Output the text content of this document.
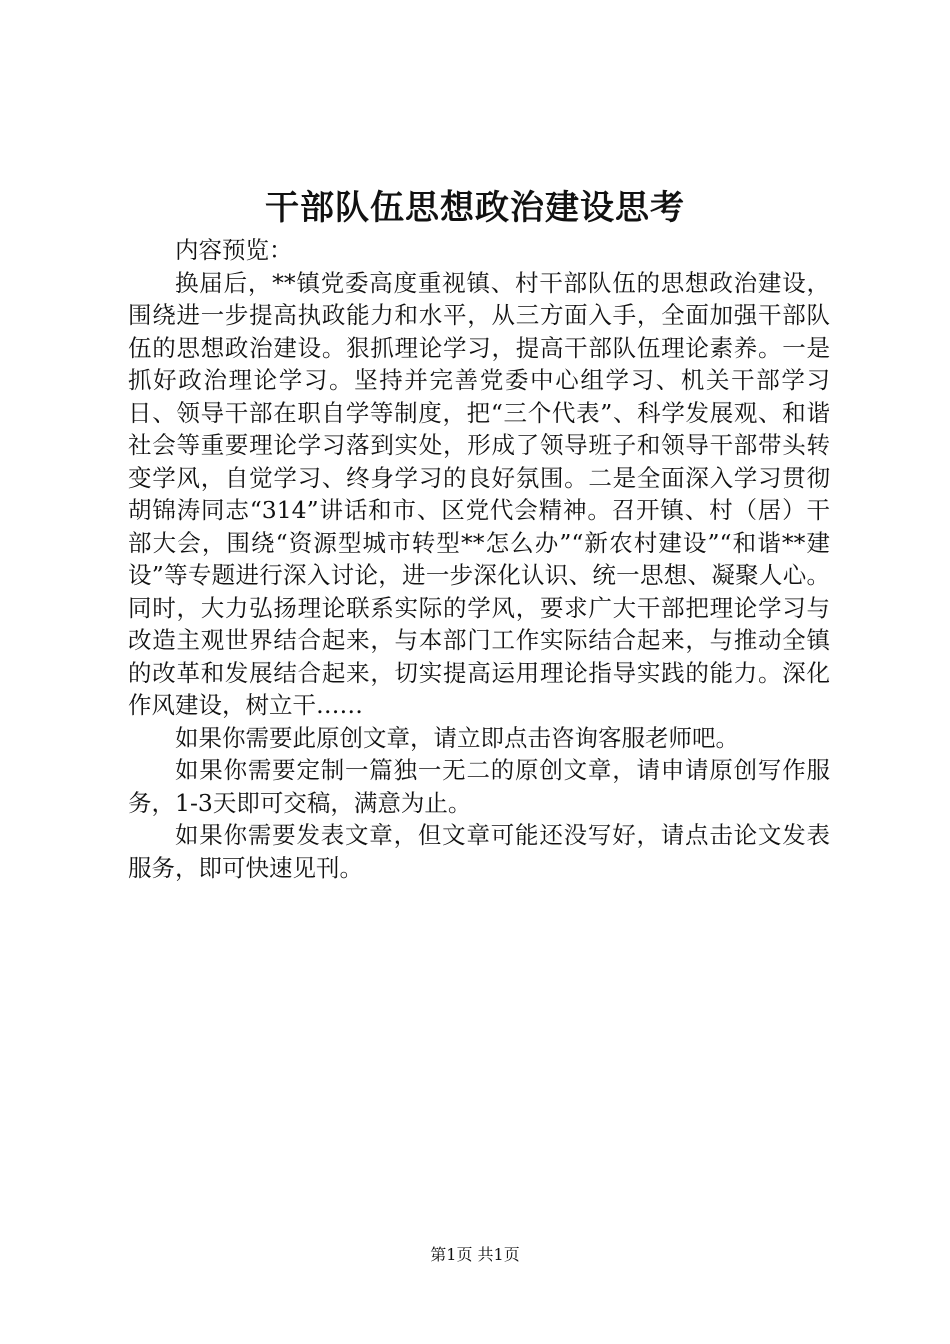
干部队伍思想政治建设思考

内容预览：

换届后，**镇党委高度重视镇、村干部队伍的思想政治建设，围绕进一步提高执政能力和水平，从三方面入手，全面加强干部队伍的思想政治建设。狠抓理论学习，提高干部队伍理论素养。一是抓好政治理论学习。坚持并完善党委中心组学习、机关干部学习日、领导干部在职自学等制度，把“三个代表”、科学发展观、和谐社会等重要理论学习落到实处，形成了领导班子和领导干部带头转变学风，自觉学习、终身学习的良好氛围。二是全面深入学习贯彻胡锦涛同志“314”讲话和市、区党代会精神。召开镇、村（居）干部大会，围绕“资源型城市转型**怎么办”“新农村建设”“和谐**建设”等专题进行深入讨论，进一步深化认识、统一思想、凝聚人心。同时，大力弘扬理论联系实际的学风，要求广大干部把理论学习与改造主观世界结合起来，与本部门工作实际结合起来，与推动全镇的改革和发展结合起来，切实提高运用理论指导实践的能力。深化作风建设，树立干……

如果你需要此原创文章，请立即点击咨询客服老师吧。

如果你需要定制一篇独一无二的原创文章，请申请原创写作服务，1-3天即可交稿，满意为止。

如果你需要发表文章，但文章可能还没写好，请点击论文发表服务，即可快速见刊。

第1页 共1页
